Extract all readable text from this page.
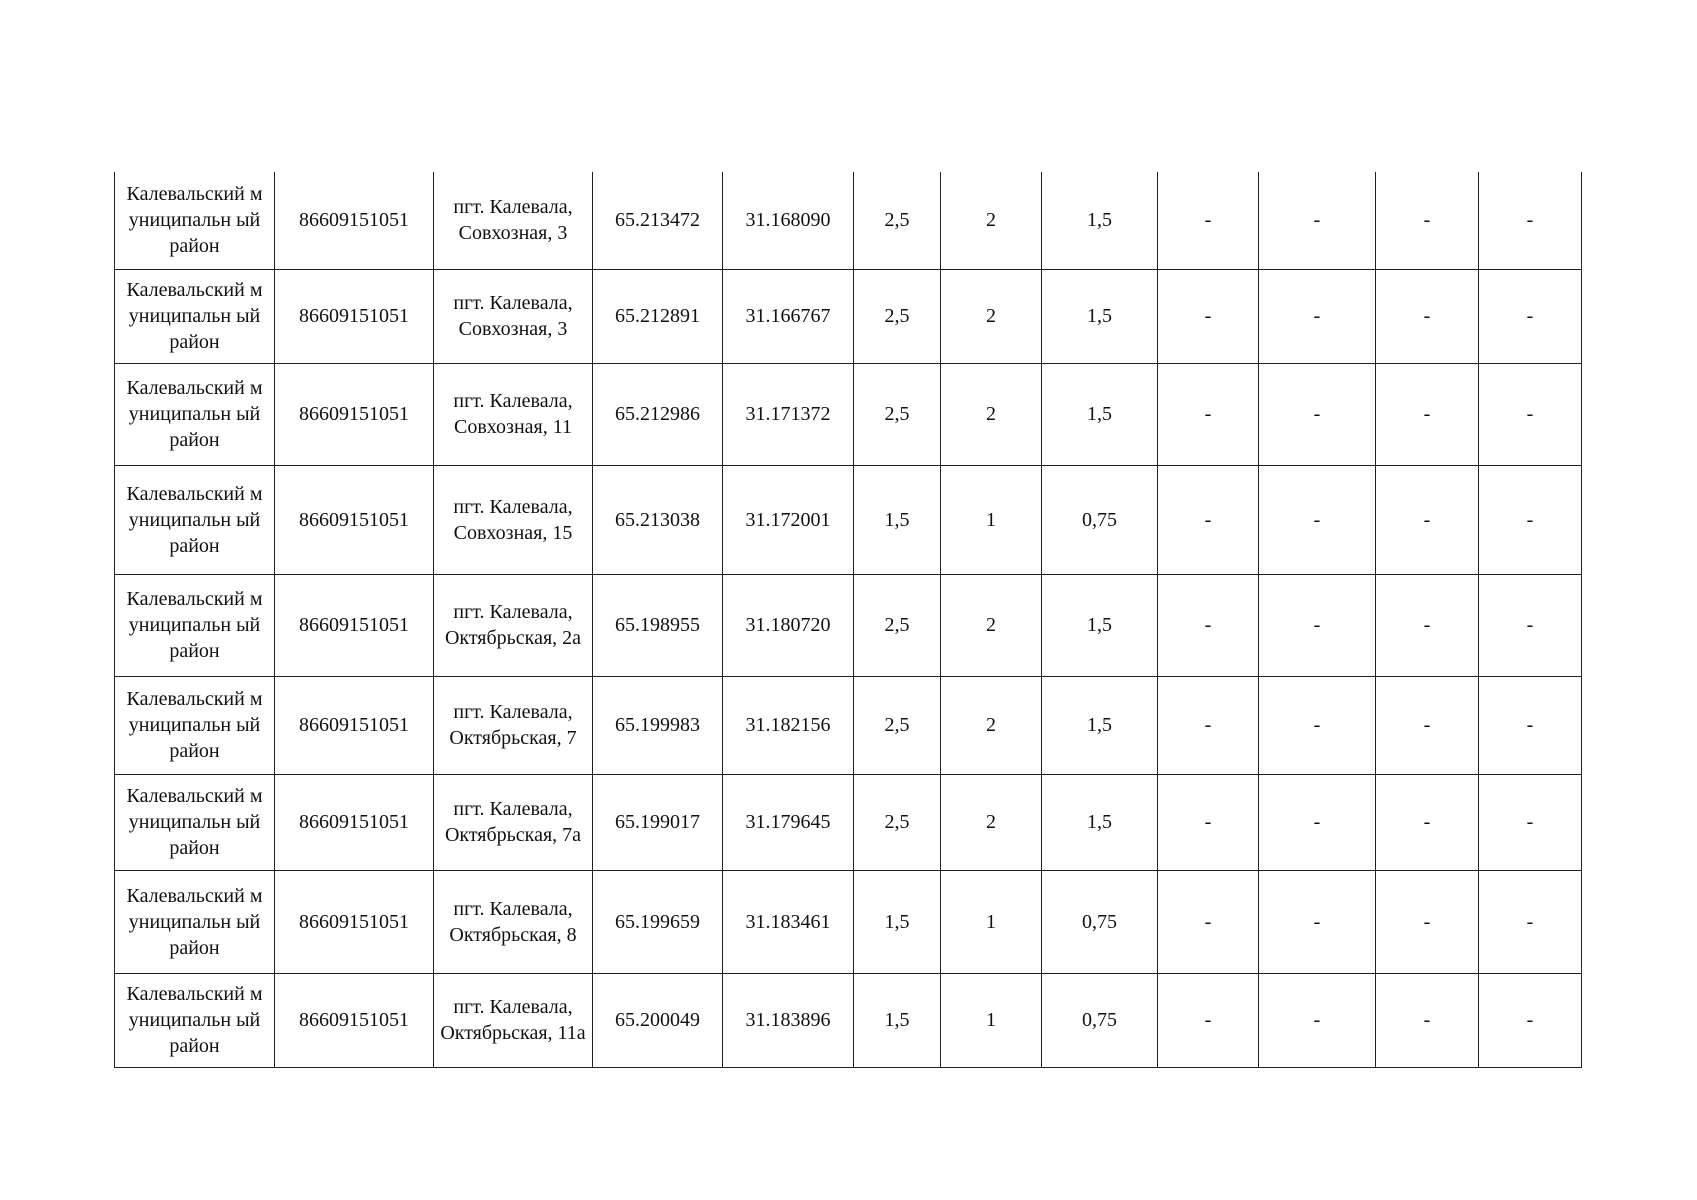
Калевальский муниципальн ый район	86609151051	пгт. Калевала, Совхозная, 3	65.213472	31.168090	2,5	2	1,5	-	-	-	-
Калевальский муниципальн ый район	86609151051	пгт. Калевала, Совхозная, 3	65.212891	31.166767	2,5	2	1,5	-	-	-	-
Калевальский муниципальн ый район	86609151051	пгт. Калевала, Совхозная, 11	65.212986	31.171372	2,5	2	1,5	-	-	-	-
Калевальский муниципальн ый район	86609151051	пгт. Калевала, Совхозная, 15	65.213038	31.172001	1,5	1	0,75	-	-	-	-
Калевальский муниципальн ый район	86609151051	пгт. Калевала, Октябрьская, 2а	65.198955	31.180720	2,5	2	1,5	-	-	-	-
Калевальский муниципальн ый район	86609151051	пгт. Калевала, Октябрьская, 7	65.199983	31.182156	2,5	2	1,5	-	-	-	-
Калевальский муниципальн ый район	86609151051	пгт. Калевала, Октябрьская, 7а	65.199017	31.179645	2,5	2	1,5	-	-	-	-
Калевальский муниципальн ый район	86609151051	пгт. Калевала, Октябрьская, 8	65.199659	31.183461	1,5	1	0,75	-	-	-	-
Калевальский муниципальн ый район	86609151051	пгт. Калевала, Октябрьская, 11а	65.200049	31.183896	1,5	1	0,75	-	-	-	-
